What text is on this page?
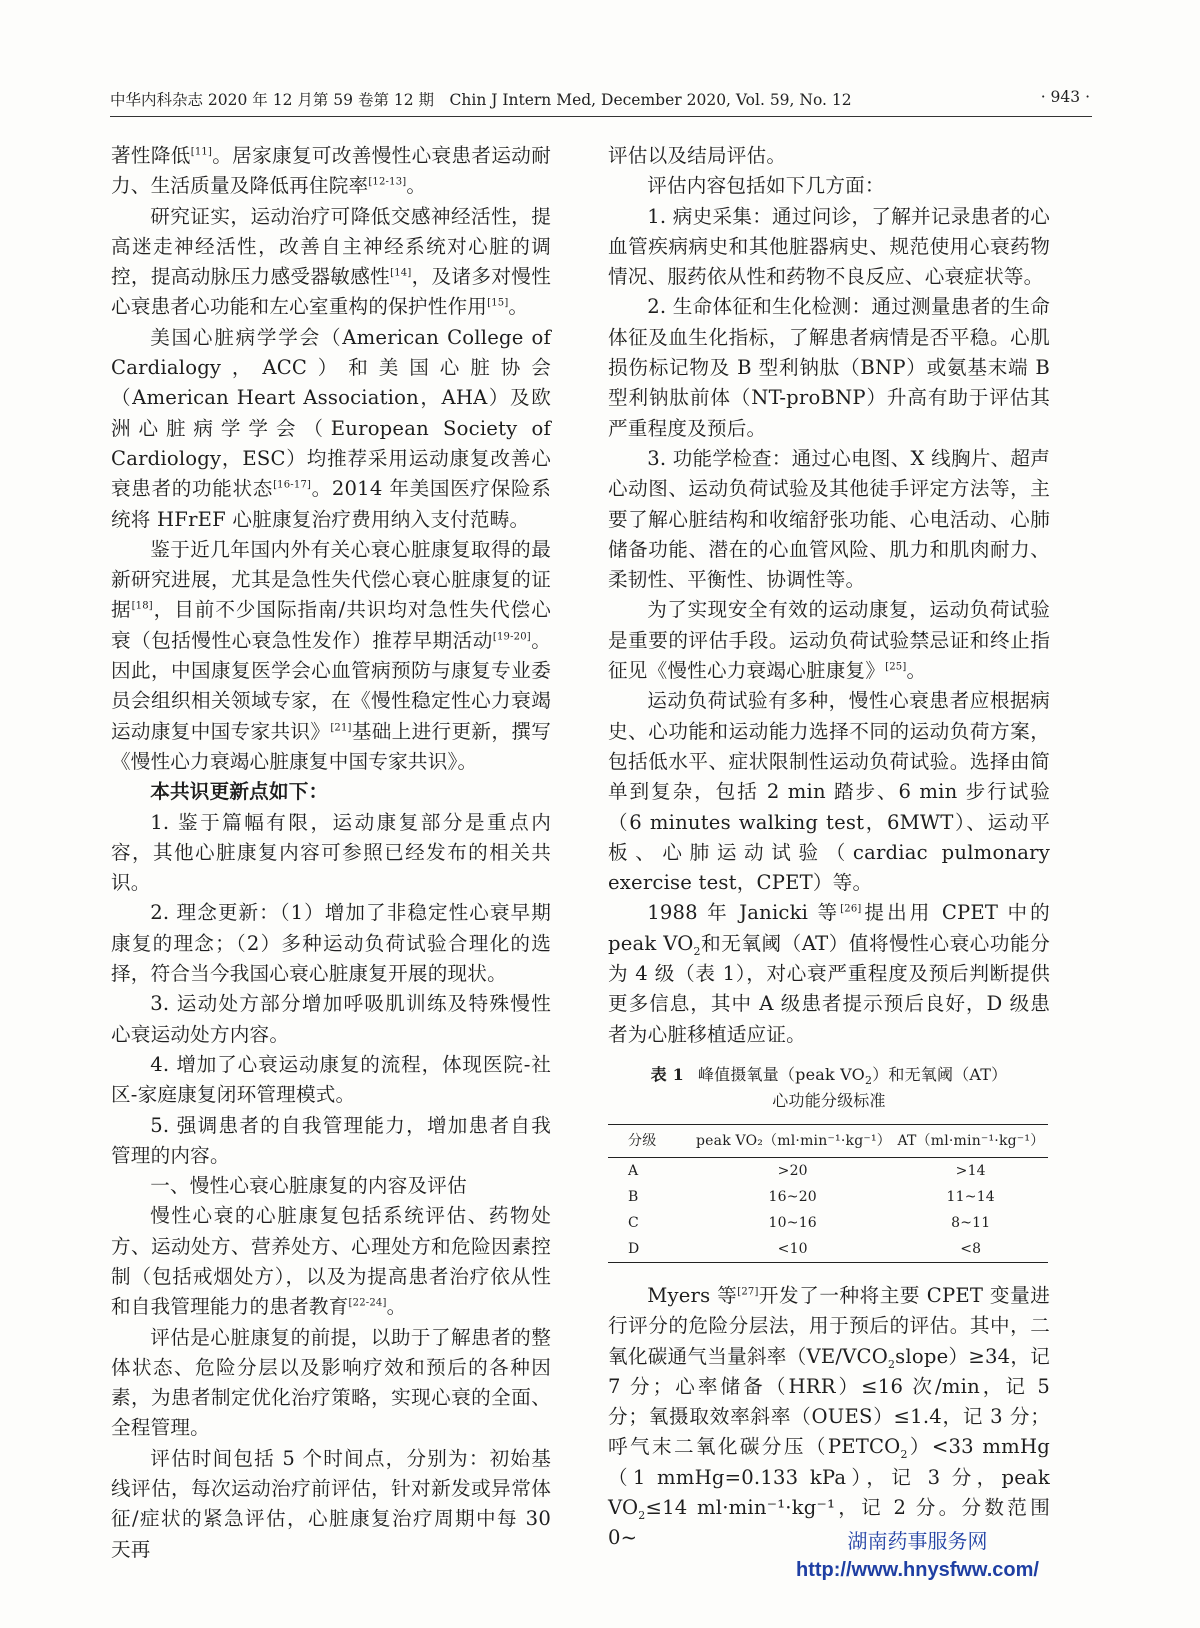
中华内科杂志 2020 年 12 月第 59 卷第 12 期　Chin J Intern Med, December 2020, Vol. 59, No. 12	· 943 ·

著性降低[11]。居家康复可改善慢性心衰患者运动耐力、生活质量及降低再住院率[12-13]。

研究证实，运动治疗可降低交感神经活性，提高迷走神经活性，改善自主神经系统对心脏的调控，提高动脉压力感受器敏感性[14]，及诸多对慢性心衰患者心功能和左心室重构的保护性作用[15]。

美国心脏病学学会（American College of Cardialogy，ACC）和美国心脏协会（American Heart Association，AHA）及欧洲心脏病学学会（European Society of Cardiology，ESC）均推荐采用运动康复改善心衰患者的功能状态[16-17]。2014 年美国医疗保险系统将 HFrEF 心脏康复治疗费用纳入支付范畴。

鉴于近几年国内外有关心衰心脏康复取得的最新研究进展，尤其是急性失代偿心衰心脏康复的证据[18]，目前不少国际指南/共识均对急性失代偿心衰（包括慢性心衰急性发作）推荐早期活动[19-20]。因此，中国康复医学会心血管病预防与康复专业委员会组织相关领域专家，在《慢性稳定性心力衰竭运动康复中国专家共识》[21]基础上进行更新，撰写《慢性心力衰竭心脏康复中国专家共识》。

本共识更新点如下：

1. 鉴于篇幅有限，运动康复部分是重点内容，其他心脏康复内容可参照已经发布的相关共识。

2. 理念更新：（1）增加了非稳定性心衰早期康复的理念；（2）多种运动负荷试验合理化的选择，符合当今我国心衰心脏康复开展的现状。

3. 运动处方部分增加呼吸肌训练及特殊慢性心衰运动处方内容。

4. 增加了心衰运动康复的流程，体现医院-社区-家庭康复闭环管理模式。

5. 强调患者的自我管理能力，增加患者自我管理的内容。

一、慢性心衰心脏康复的内容及评估

慢性心衰的心脏康复包括系统评估、药物处方、运动处方、营养处方、心理处方和危险因素控制（包括戒烟处方），以及为提高患者治疗依从性和自我管理能力的患者教育[22-24]。

评估是心脏康复的前提，以助于了解患者的整体状态、危险分层以及影响疗效和预后的各种因素，为患者制定优化治疗策略，实现心衰的全面、全程管理。

评估时间包括 5 个时间点，分别为：初始基线评估，每次运动治疗前评估，针对新发或异常体征/症状的紧急评估，心脏康复治疗周期中每 30 天再

评估以及结局评估。

评估内容包括如下几方面：

1. 病史采集：通过问诊，了解并记录患者的心血管疾病病史和其他脏器病史、规范使用心衰药物情况、服药依从性和药物不良反应、心衰症状等。

2. 生命体征和生化检测：通过测量患者的生命体征及血生化指标，了解患者病情是否平稳。心肌损伤标记物及 B 型利钠肽（BNP）或氨基末端 B 型利钠肽前体（NT-proBNP）升高有助于评估其严重程度及预后。

3. 功能学检查：通过心电图、X 线胸片、超声心动图、运动负荷试验及其他徒手评定方法等，主要了解心脏结构和收缩舒张功能、心电活动、心肺储备功能、潜在的心血管风险、肌力和肌肉耐力、柔韧性、平衡性、协调性等。

为了实现安全有效的运动康复，运动负荷试验是重要的评估手段。运动负荷试验禁忌证和终止指征见《慢性心力衰竭心脏康复》[25]。

运动负荷试验有多种，慢性心衰患者应根据病史、心功能和运动能力选择不同的运动负荷方案，包括低水平、症状限制性运动负荷试验。选择由简单到复杂，包括 2 min 踏步、6 min 步行试验（6 minutes walking test，6MWT）、运动平板、心肺运动试验（cardiac pulmonary exercise test，CPET）等。

1988 年 Janicki 等[26]提出用 CPET 中的 peak $VO_2$和无氧阈（AT）值将慢性心衰心功能分为 4 级（表 1），对心衰严重程度及预后判断提供更多信息，其中 A 级患者提示预后良好，D 级患者为心脏移植适应证。

表 1 峰值摄氧量（peak $VO_2$）和无氧阈（AT）
心功能分级标准
分级	peak VO₂（ml·min⁻¹·kg⁻¹）	AT（ml·min⁻¹·kg⁻¹）
A	>20	>14
B	16~20	11~14
C	10~16	8~11
D	<10	<8

Myers 等[27]开发了一种将主要 CPET 变量进行评分的危险分层法，用于预后的评估。其中，二氧化碳通气当量斜率$(VE/VCO_2slope)\ge 34$，记 7 分；心率储备（HRR）≤16 次/min，记 5 分；氧摄取效率斜率（OUES）≤1.4，记 3 分；呼气末二氧化碳分压$(PETCO_2)<33$ mmHg（1 mmHg=0.133 kPa），记 3 分，peak $VO_2\le 14$ ml·min⁻¹·kg⁻¹，记 2 分。分数范围 0~	湖南药事服务网
http://www.hnysfww.com/
